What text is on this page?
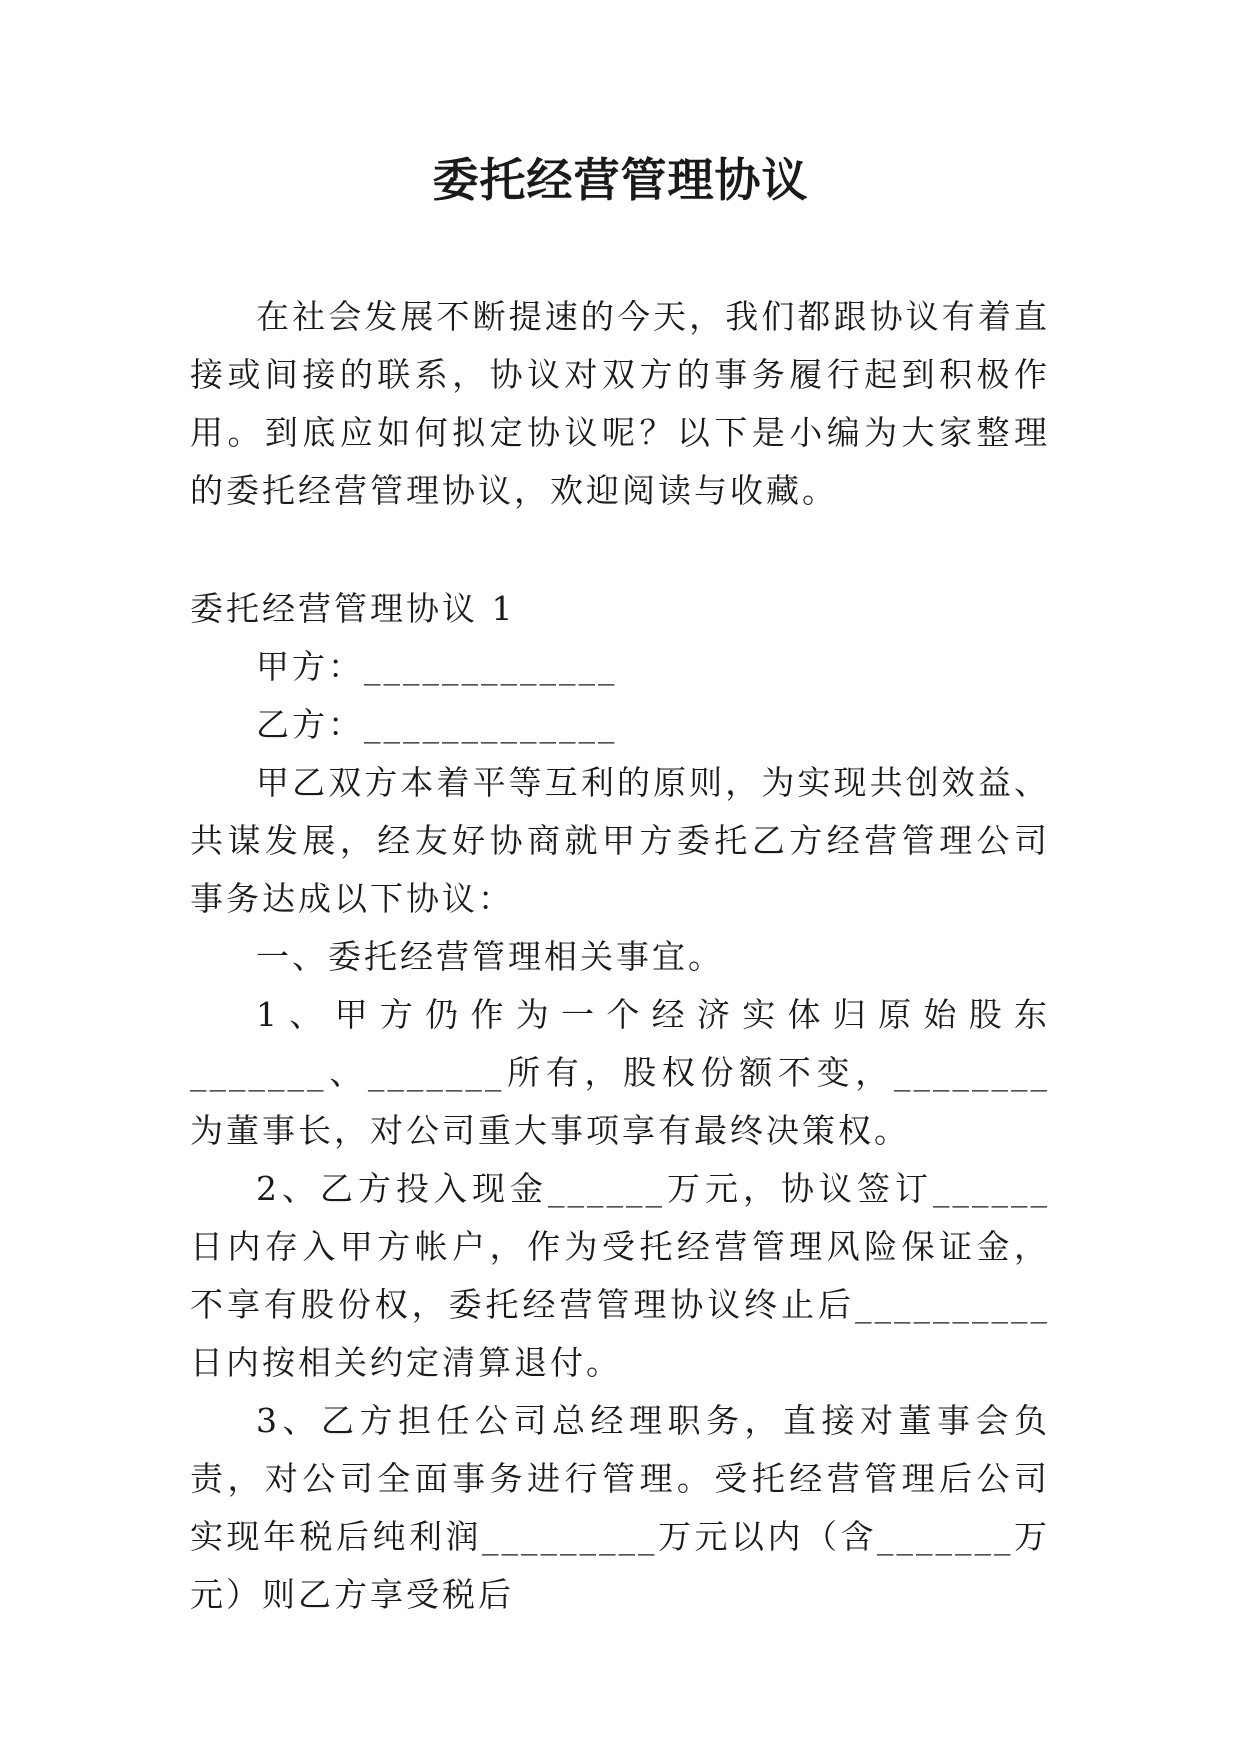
委托经营管理协议

在社会发展不断提速的今天，我们都跟协议有着直接或间接的联系，协议对双方的事务履行起到积极作用。到底应如何拟定协议呢？以下是小编为大家整理的委托经营管理协议，欢迎阅读与收藏。

委托经营管理协议 1

甲方：_____________

乙方：_____________

甲乙双方本着平等互利的原则，为实现共创效益、共谋发展，经友好协商就甲方委托乙方经营管理公司事务达成以下协议：

一、委托经营管理相关事宜。

1、甲方仍作为一个经济实体归原始股东_______、_______所有，股权份额不变，________为董事长，对公司重大事项享有最终决策权。

2、乙方投入现金______万元，协议签订______日内存入甲方帐户，作为受托经营管理风险保证金，不享有股份权，委托经营管理协议终止后__________日内按相关约定清算退付。

3、乙方担任公司总经理职务，直接对董事会负责，对公司全面事务进行管理。受托经营管理后公司实现年税后纯利润_________万元以内（含_______万元）则乙方享受税后
